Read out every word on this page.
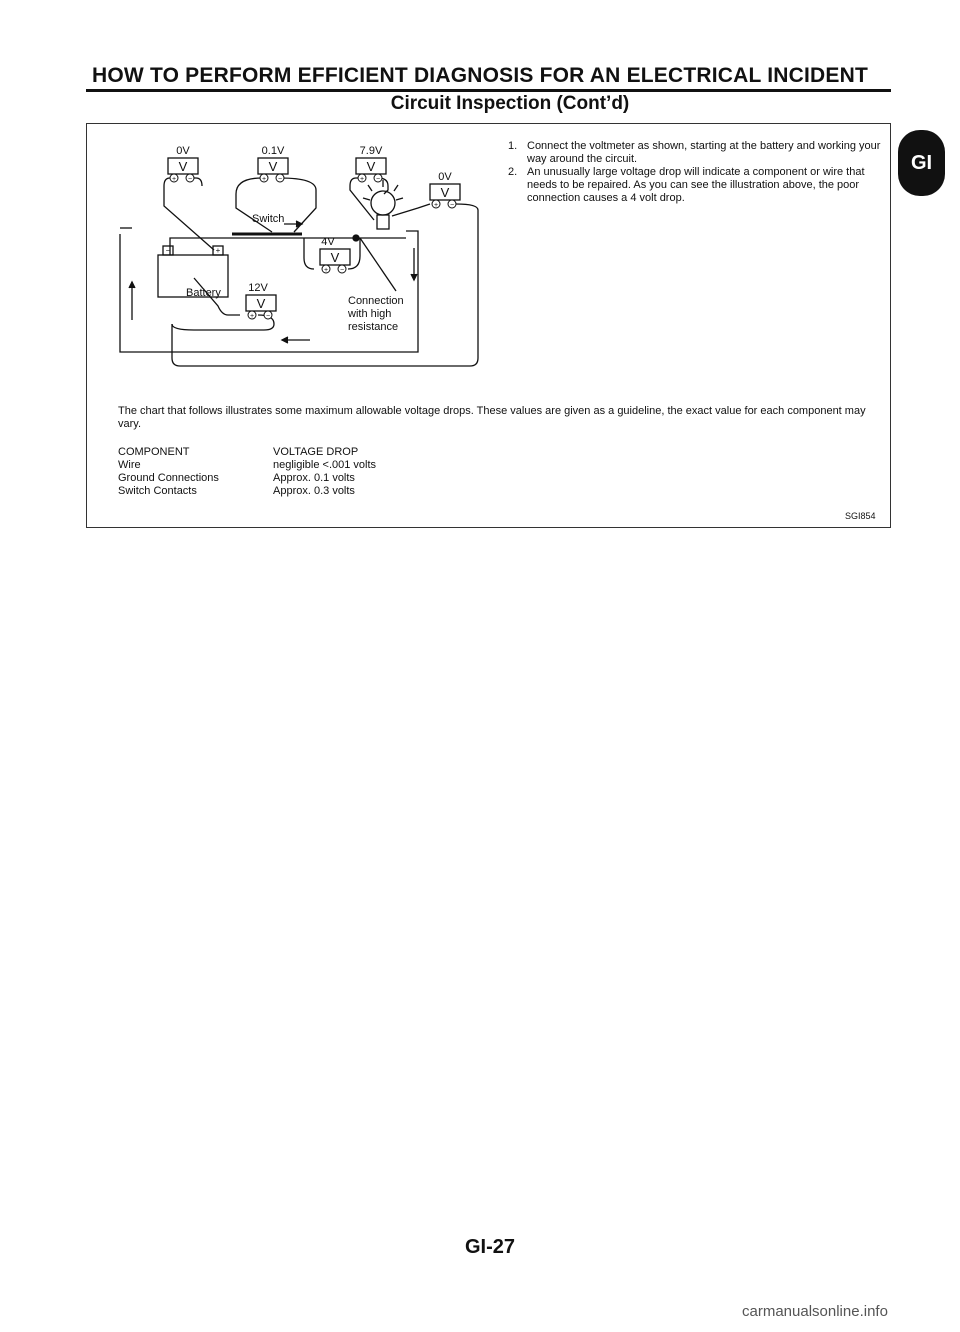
HOW TO PERFORM EFFICIENT DIAGNOSIS FOR AN ELECTRICAL INCIDENT
Circuit Inspection (Cont’d)
GI
V	V	V
V
V
V
+ −	+ −	+ −
+ −
+ −
+ −
−	+
0V	0.1V	7.9V
0V
4V
12V
Switch
Battery
Connection
with high
resistance
1. Connect the voltmeter as shown, starting at the battery and working your way around the circuit.
2. An unusually large voltage drop will indicate a component or wire that needs to be repaired. As you can see the illustration above, the poor connection causes a 4 volt drop.
The chart that follows illustrates some maximum allowable voltage drops. These values are given as a guideline, the exact value for each component may vary.
COMPONENT	VOLTAGE DROP
Wire	negligible <.001 volts
Ground Connections	Approx. 0.1 volts
Switch Contacts	Approx. 0.3 volts
SGI854
GI-27
carmanualsonline.info
